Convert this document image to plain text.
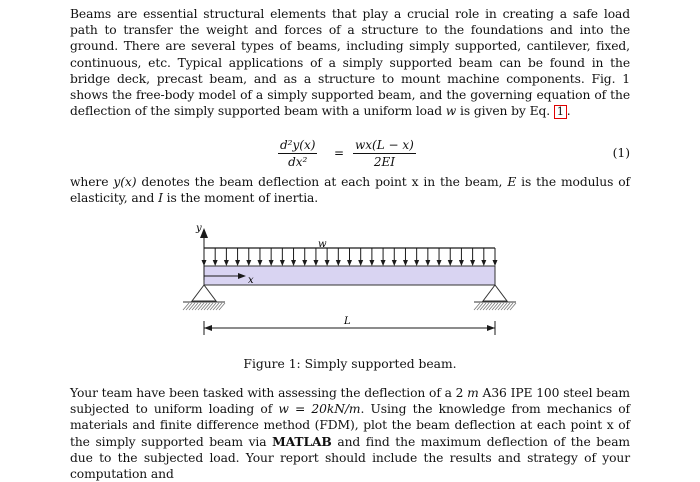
Beams are essential structural elements that play a crucial role in creating a safe load path to transfer the weight and forces of a structure to the foundations and into the ground. There are several types of beams, including simply supported, cantilever, fixed, continuous, etc. Typical applications of a simply supported beam can be found in the bridge deck, precast beam, and as a structure to mount machine components. Fig. 1 shows the free-body model of a simply supported beam, and the governing equation of the deflection of the simply supported beam with a uniform load w is given by Eq. 1 .
$\frac{\text{d²y(x)}}{\text{dx²}} = \frac{wx(L - x)}{2EI}$	(1)
where y(x) denotes the beam deflection at each point x in the beam, E is the modulus of elasticity, and I is the moment of inertia.
y
w
x
L
Figure 1: Simply supported beam.
Your team have been tasked with assessing the deflection of a 2 m A36 IPE 100 steel beam subjected to uniform loading of w = 20kN/m. Using the knowledge from mechanics of materials and finite difference method (FDM), plot the beam deflection at each point x of the simply supported beam via MATLAB and find the maximum deflection of the beam due to the subjected load. Your report should include the results and strategy of your computation and
